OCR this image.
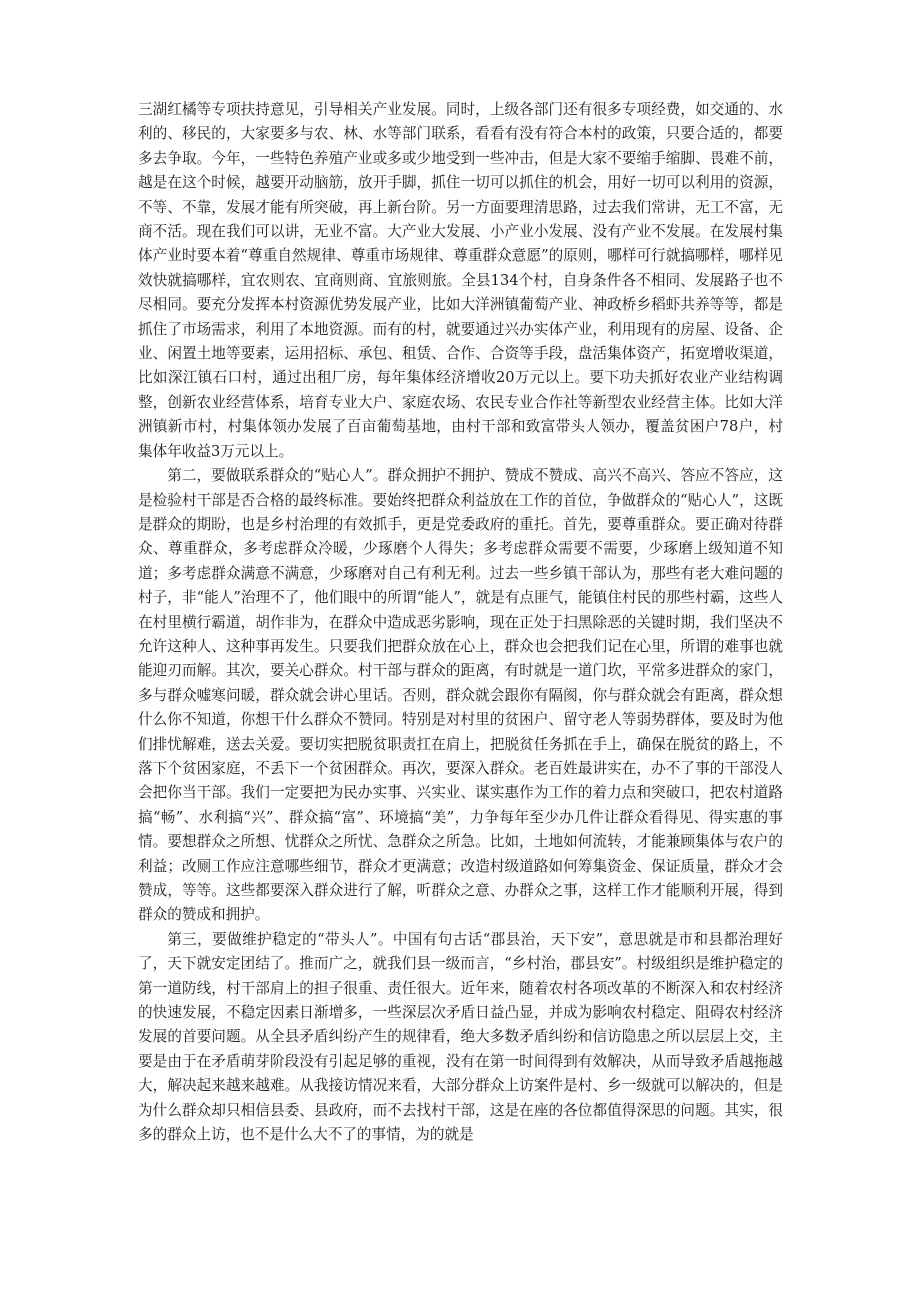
三湖红橘等专项扶持意见，引导相关产业发展。同时，上级各部门还有很多专项经费，如交通的、水利的、移民的，大家要多与农、林、水等部门联系，看看有没有符合本村的政策，只要合适的，都要多去争取。今年，一些特色养殖产业或多或少地受到一些冲击，但是大家不要缩手缩脚、畏难不前，越是在这个时候，越要开动脑筋，放开手脚，抓住一切可以抓住的机会，用好一切可以利用的资源，不等、不靠，发展才能有所突破，再上新台阶。另一方面要理清思路，过去我们常讲，无工不富，无商不活。现在我们可以讲，无业不富。大产业大发展、小产业小发展、没有产业不发展。在发展村集体产业时要本着“尊重自然规律、尊重市场规律、尊重群众意愿”的原则，哪样可行就搞哪样，哪样见效快就搞哪样，宜农则农、宜商则商、宜旅则旅。全县134个村，自身条件各不相同、发展路子也不尽相同。要充分发挥本村资源优势发展产业，比如大洋洲镇葡萄产业、神政桥乡稻虾共养等等，都是抓住了市场需求，利用了本地资源。而有的村，就要通过兴办实体产业，利用现有的房屋、设备、企业、闲置土地等要素，运用招标、承包、租赁、合作、合资等手段，盘活集体资产，拓宽增收渠道，比如深江镇石口村，通过出租厂房，每年集体经济增收20万元以上。要下功夫抓好农业产业结构调整，创新农业经营体系，培育专业大户、家庭农场、农民专业合作社等新型农业经营主体。比如大洋洲镇新市村，村集体领办发展了百亩葡萄基地，由村干部和致富带头人领办，覆盖贫困户78户，村集体年收益3万元以上。

第二，要做联系群众的“贴心人”。群众拥护不拥护、赞成不赞成、高兴不高兴、答应不答应，这是检验村干部是否合格的最终标准。要始终把群众利益放在工作的首位，争做群众的“贴心人”，这既是群众的期盼，也是乡村治理的有效抓手，更是党委政府的重托。首先，要尊重群众。要正确对待群众、尊重群众，多考虑群众冷暖，少琢磨个人得失；多考虑群众需要不需要，少琢磨上级知道不知道；多考虑群众满意不满意，少琢磨对自己有利无利。过去一些乡镇干部认为，那些有老大难问题的村子，非“能人”治理不了，他们眼中的所谓“能人”，就是有点匪气，能镇住村民的那些村霸，这些人在村里横行霸道，胡作非为，在群众中造成恶劣影响，现在正处于扫黑除恶的关键时期，我们坚决不允许这种人、这种事再发生。只要我们把群众放在心上，群众也会把我们记在心里，所谓的难事也就能迎刃而解。其次，要关心群众。村干部与群众的距离，有时就是一道门坎，平常多进群众的家门，多与群众嘘寒问暖，群众就会讲心里话。否则，群众就会跟你有隔阂，你与群众就会有距离，群众想什么你不知道，你想干什么群众不赞同。特别是对村里的贫困户、留守老人等弱势群体，要及时为他们排忧解难，送去关爱。要切实把脱贫职责扛在肩上，把脱贫任务抓在手上，确保在脱贫的路上，不落下个贫困家庭，不丢下一个贫困群众。再次，要深入群众。老百姓最讲实在，办不了事的干部没人会把你当干部。我们一定要把为民办实事、兴实业、谋实惠作为工作的着力点和突破口，把农村道路搞“畅”、水利搞“兴”、群众搞“富”、环境搞“美”，力争每年至少办几件让群众看得见、得实惠的事情。要想群众之所想、忧群众之所忧、急群众之所急。比如，土地如何流转，才能兼顾集体与农户的利益；改厕工作应注意哪些细节，群众才更满意；改造村级道路如何筹集资金、保证质量，群众才会赞成，等等。这些都要深入群众进行了解，听群众之意、办群众之事，这样工作才能顺利开展，得到群众的赞成和拥护。

第三，要做维护稳定的“带头人”。中国有句古话“郡县治，天下安”，意思就是市和县都治理好了，天下就安定团结了。推而广之，就我们县一级而言，“乡村治，郡县安”。村级组织是维护稳定的第一道防线，村干部肩上的担子很重、责任很大。近年来，随着农村各项改革的不断深入和农村经济的快速发展，不稳定因素日渐增多，一些深层次矛盾日益凸显，并成为影响农村稳定、阻碍农村经济发展的首要问题。从全县矛盾纠纷产生的规律看，绝大多数矛盾纠纷和信访隐患之所以层层上交，主要是由于在矛盾萌芽阶段没有引起足够的重视，没有在第一时间得到有效解决，从而导致矛盾越拖越大，解决起来越来越难。从我接访情况来看，大部分群众上访案件是村、乡一级就可以解决的，但是为什么群众却只相信县委、县政府，而不去找村干部，这是在座的各位都值得深思的问题。其实，很多的群众上访，也不是什么大不了的事情，为的就是
